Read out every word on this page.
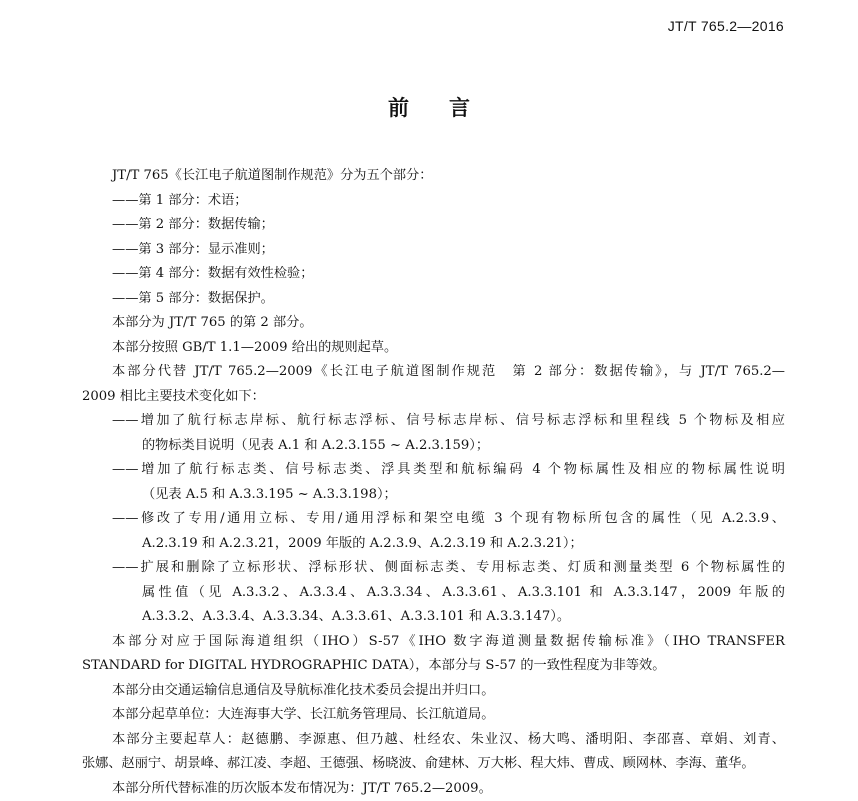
JT/T 765.2—2016
前 言

JT/T 765《长江电子航道图制作规范》分为五个部分：

——第 1 部分：术语；

——第 2 部分：数据传输；

——第 3 部分：显示准则；

——第 4 部分：数据有效性检验；

——第 5 部分：数据保护。

本部分为 JT/T 765 的第 2 部分。

本部分按照 GB/T 1.1—2009 给出的规则起草。

本部分代替 JT/T 765.2—2009《长江电子航道图制作规范　第 2 部分：数据传输》，与 JT/T 765.2—

2009 相比主要技术变化如下：

——增加了航行标志岸标、航行标志浮标、信号标志岸标、信号标志浮标和里程线 5 个物标及相应

的物标类目说明（见表 A.1 和 A.2.3.155 ~ A.2.3.159）；

——增加了航行标志类、信号标志类、浮具类型和航标编码 4 个物标属性及相应的物标属性说明

（见表 A.5 和 A.3.3.195 ~ A.3.3.198）；

——修改了专用/通用立标、专用/通用浮标和架空电缆 3 个现有物标所包含的属性（见 A.2.3.9、

A.2.3.19 和 A.2.3.21，2009 年版的 A.2.3.9、A.2.3.19 和 A.2.3.21）；

——扩展和删除了立标形状、浮标形状、侧面标志类、专用标志类、灯质和测量类型 6 个物标属性的

属性值（见 A.3.3.2、A.3.3.4、A.3.3.34、A.3.3.61、A.3.3.101 和 A.3.3.147，2009 年版的

A.3.3.2、A.3.3.4、A.3.3.34、A.3.3.61、A.3.3.101 和 A.3.3.147）。

本部分对应于国际海道组织（IHO）S-57《IHO 数字海道测量数据传输标准》（IHO TRANSFER

STANDARD for DIGITAL HYDROGRAPHIC DATA），本部分与 S-57 的一致性程度为非等效。

本部分由交通运输信息通信及导航标准化技术委员会提出并归口。

本部分起草单位：大连海事大学、长江航务管理局、长江航道局。

本部分主要起草人：赵德鹏、李源惠、但乃越、杜经农、朱业汉、杨大鸣、潘明阳、李邵喜、章娟、刘青、

张娜、赵丽宁、胡景峰、郝江凌、李超、王德强、杨晓波、俞建林、万大彬、程大炜、曹成、顾网林、李海、董华。

本部分所代替标准的历次版本发布情况为：JT/T 765.2—2009。
